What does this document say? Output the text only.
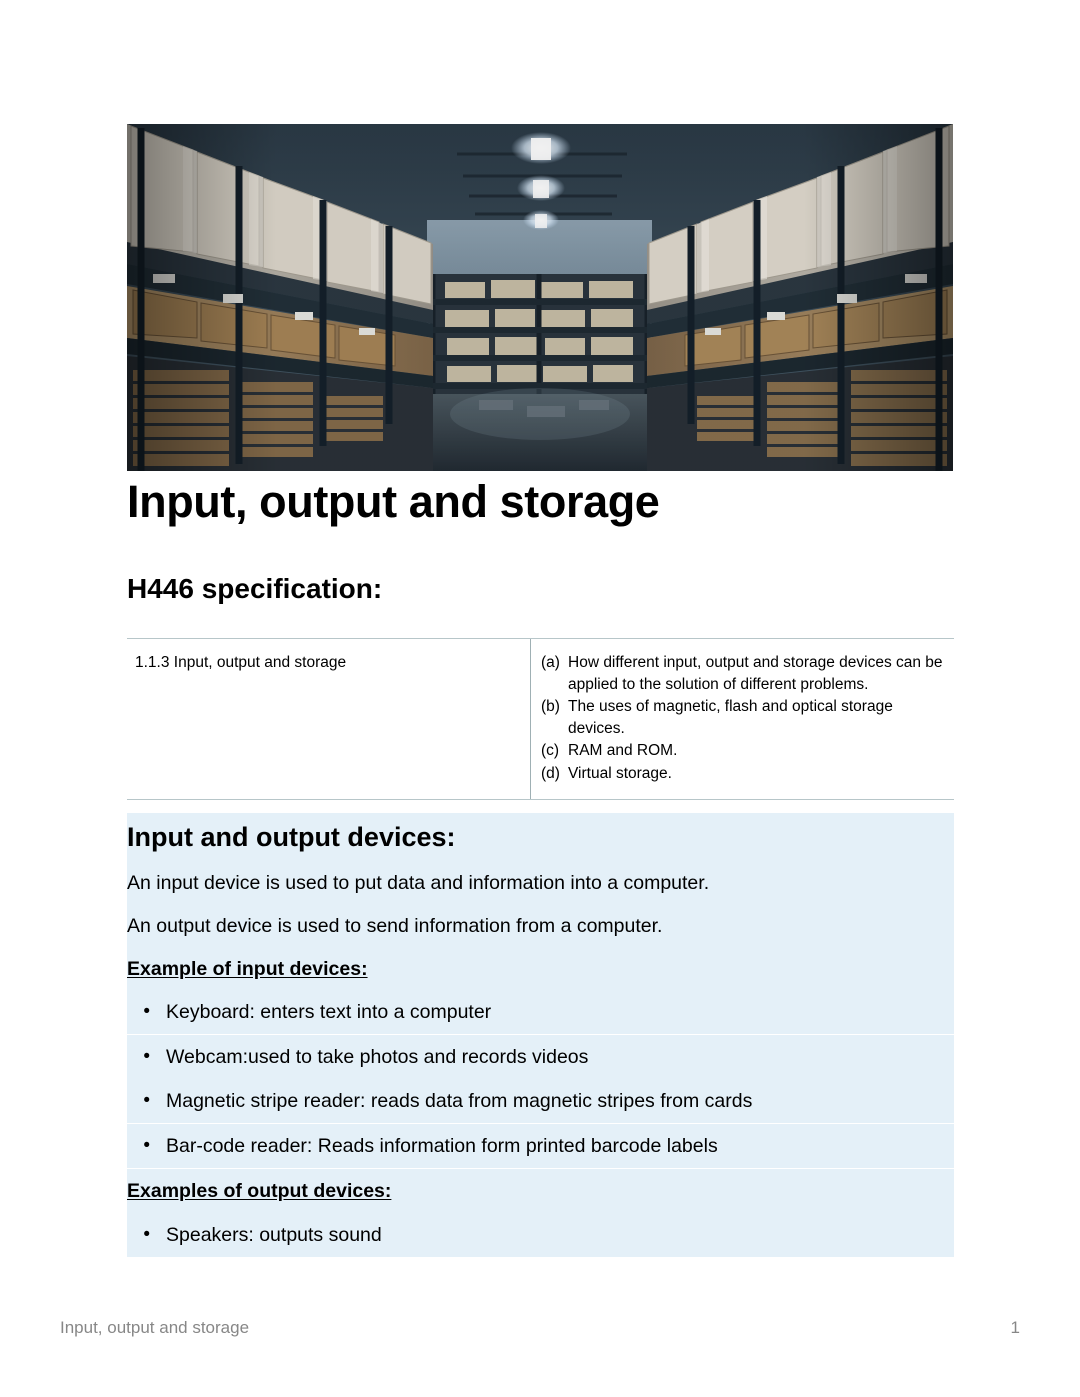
Input, output and storage
H446 specification:
1.1.3 Input, output and storage	(a) How different input, output and storage devices can be applied to the solution of different problems.
(b) The uses of magnetic, flash and optical storage devices.
(c) RAM and ROM.
(d) Virtual storage.
Input and output devices:
An input device is used to put data and information into a computer.
An output device is used to send information from a computer.
Example of input devices:
• Keyboard: enters text into a computer
• Webcam:used to take photos and records videos
• Magnetic stripe reader: reads data from magnetic stripes from cards
• Bar-code reader: Reads information form printed barcode labels
Examples of output devices:
• Speakers: outputs sound
Input, output and storage	1
